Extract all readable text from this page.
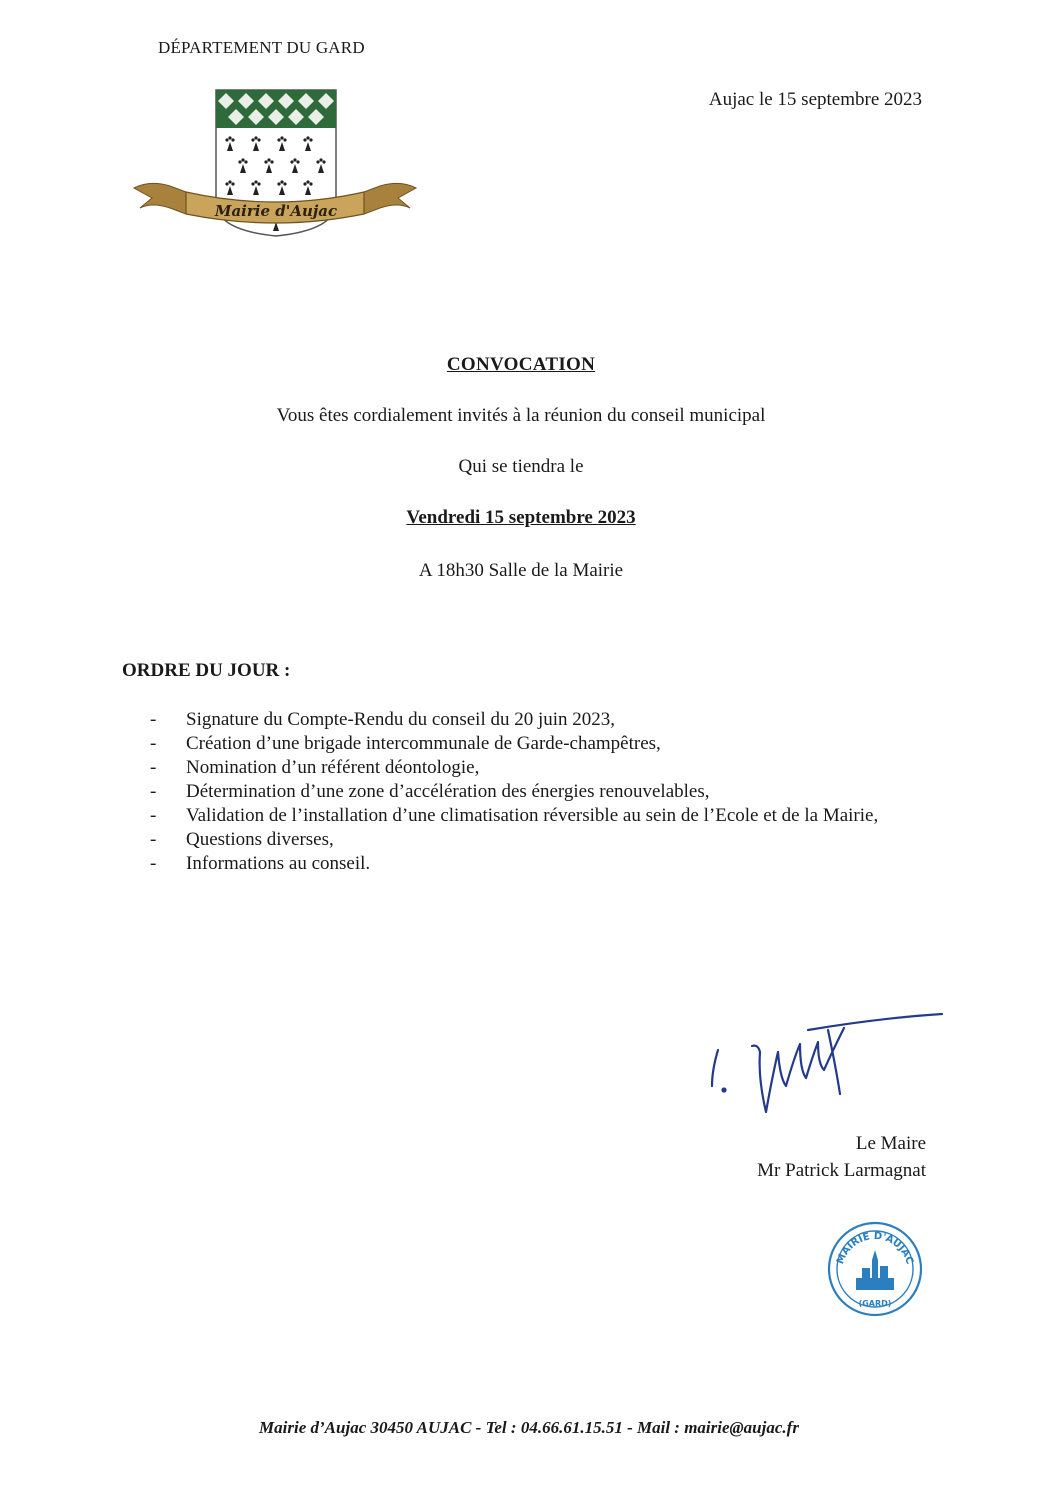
DÉPARTEMENT DU GARD
Mairie d'Aujac
Aujac le 15 septembre 2023
CONVOCATION
Vous êtes cordialement invités à la réunion du conseil municipal
Qui se tiendra le
Vendredi 15 septembre 2023
A 18h30 Salle de la Mairie
ORDRE DU JOUR :
- Signature du Compte-Rendu du conseil du 20 juin 2023,
- Création d’une brigade intercommunale de Garde-champêtres,
- Nomination d’un référent déontologie,
- Détermination d’une zone d’accélération des énergies renouvelables,
- Validation de l’installation d’une climatisation réversible au sein de l’Ecole et de la Mairie,
- Questions diverses,
- Informations au conseil.
Le Maire
Mr Patrick Larmagnat
MAIRIE D'AUJAC
(GARD)
Mairie d’Aujac 30450 AUJAC - Tel : 04.66.61.15.51 - Mail : mairie@aujac.fr
